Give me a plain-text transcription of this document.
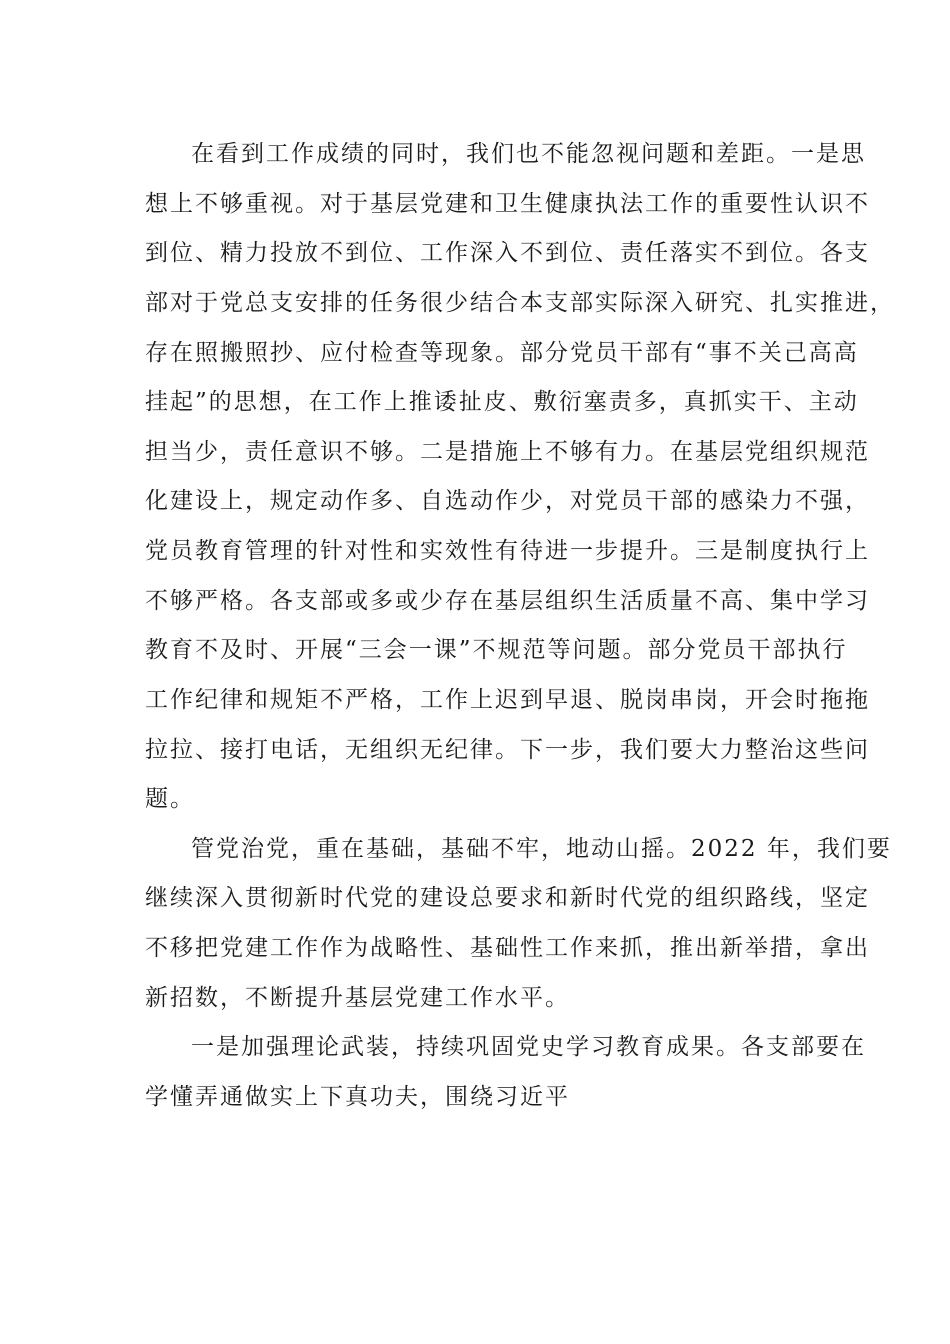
在看到工作成绩的同时，我们也不能忽视问题和差距。一是思
想上不够重视。对于基层党建和卫生健康执法工作的重要性认识不
到位、精力投放不到位、工作深入不到位、责任落实不到位。各支
部对于党总支安排的任务很少结合本支部实际深入研究、扎实推进，
存在照搬照抄、应付检查等现象。部分党员干部有“事不关己高高
挂起”的思想，在工作上推诿扯皮、敷衍塞责多，真抓实干、主动
担当少，责任意识不够。二是措施上不够有力。在基层党组织规范
化建设上，规定动作多、自选动作少，对党员干部的感染力不强，
党员教育管理的针对性和实效性有待进一步提升。三是制度执行上
不够严格。各支部或多或少存在基层组织生活质量不高、集中学习
教育不及时、开展“三会一课”不规范等问题。部分党员干部执行
工作纪律和规矩不严格，工作上迟到早退、脱岗串岗，开会时拖拖
拉拉、接打电话，无组织无纪律。下一步，我们要大力整治这些问
题。
管党治党，重在基础，基础不牢，地动山摇。2022 年，我们要
继续深入贯彻新时代党的建设总要求和新时代党的组织路线，坚定
不移把党建工作作为战略性、基础性工作来抓，推出新举措，拿出
新招数，不断提升基层党建工作水平。
一是加强理论武装，持续巩固党史学习教育成果。各支部要在
学懂弄通做实上下真功夫，围绕习近平
